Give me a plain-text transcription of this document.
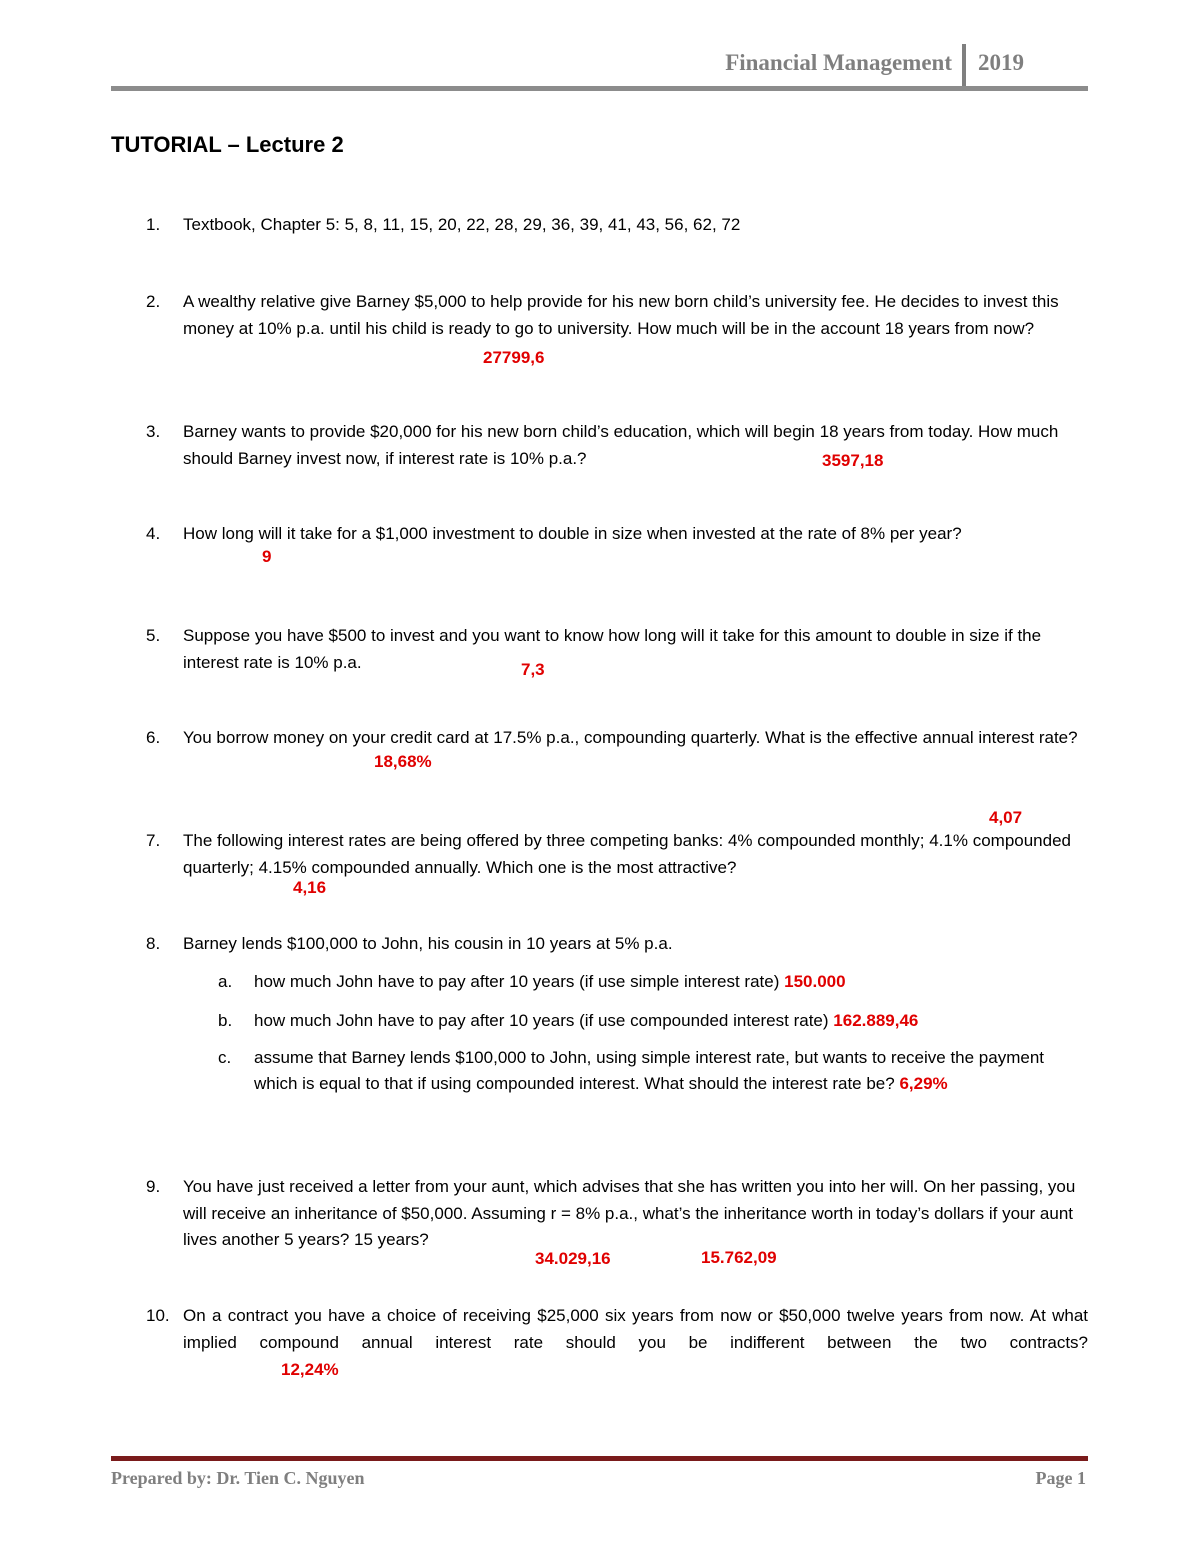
Financial Management 2019
TUTORIAL – Lecture 2
1. Textbook, Chapter 5: 5, 8, 11, 15, 20, 22, 28, 29, 36, 39, 41, 43, 56, 62, 72
2. A wealthy relative give Barney $5,000 to help provide for his new born child’s university fee. He decides to invest this money at 10% p.a. until his child is ready to go to university. How much will be in the account 18 years from now?
27799,6
3. Barney wants to provide $20,000 for his new born child’s education, which will begin 18 years from today. How much should Barney invest now, if interest rate is 10% p.a.?	3597,18
4. How long will it take for a $1,000 investment to double in size when invested at the rate of 8% per year?
9
5. Suppose you have $500 to invest and you want to know how long will it take for this amount to double in size if the interest rate is 10% p.a.	7,3
6. You borrow money on your credit card at 17.5% p.a., compounding quarterly. What is the effective annual interest rate?
18,68%
4,07
7. The following interest rates are being offered by three competing banks: 4% compounded monthly; 4.1% compounded quarterly; 4.15% compounded annually. Which one is the most attractive?
4,16
8. Barney lends $100,000 to John, his cousin in 10 years at 5% p.a.
a. how much John have to pay after 10 years (if use simple interest rate) 150.000
b. how much John have to pay after 10 years (if use compounded interest rate) 162.889,46
c. assume that Barney lends $100,000 to John, using simple interest rate, but wants to receive the payment which is equal to that if using compounded interest. What should the interest rate be? 6,29%
9. You have just received a letter from your aunt, which advises that she has written you into her will. On her passing, you will receive an inheritance of $50,000. Assuming r = 8% p.a., what’s the inheritance worth in today’s dollars if your aunt lives another 5 years? 15 years?
34.029,16	15.762,09
10. On a contract you have a choice of receiving $25,000 six years from now or $50,000 twelve years from now. At what implied compound annual interest rate should you be indifferent between the two contracts?
12,24%
Prepared by: Dr. Tien C. Nguyen	Page 1
